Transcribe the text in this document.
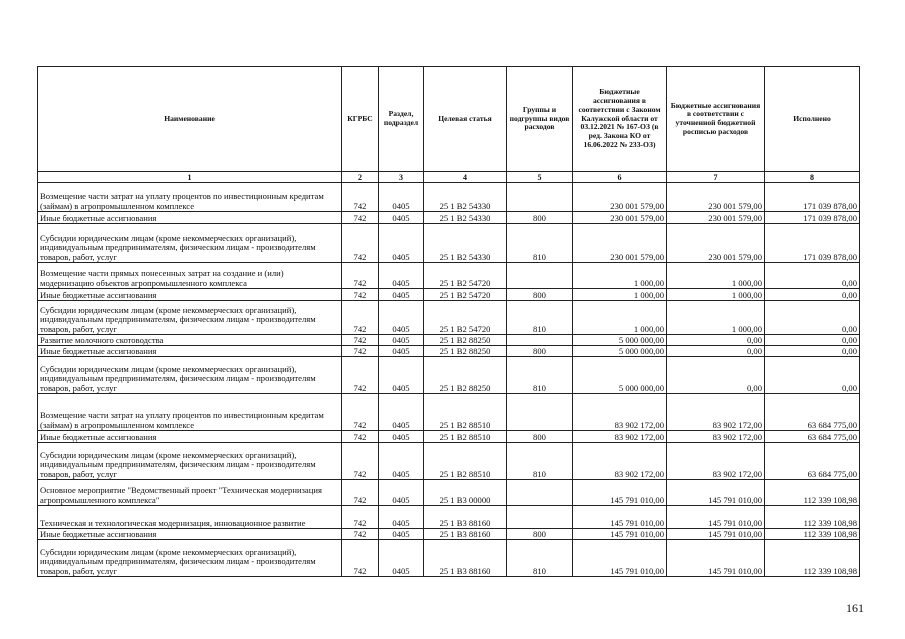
Наименование	КГРБС	Раздел, подраздел	Целевая статья	Группы и подгруппы видов расходов	Бюджетные ассигнования в соответствии с Законом Калужской области от 03.12.2021 № 167-ОЗ (в ред. Закона КО от 16.06.2022 № 233-ОЗ)	Бюджетные ассигнования в соответствии с уточненной бюджетной росписью расходов	Исполнено
1	2	3	4	5	6	7	8
Возмещение части затрат на уплату процентов по инвестиционным кредитам (займам) в агропромышленном комплексе	742	0405	25 1 В2 54330		230 001 579,00	230 001 579,00	171 039 878,00
Иные бюджетные ассигнования	742	0405	25 1 В2 54330	800	230 001 579,00	230 001 579,00	171 039 878,00
Субсидии юридическим лицам (кроме некоммерческих организаций), индивидуальным предпринимателям, физическим лицам - производителям товаров, работ, услуг	742	0405	25 1 В2 54330	810	230 001 579,00	230 001 579,00	171 039 878,00
Возмещение части прямых понесенных затрат на создание и (или) модернизацию объектов агропромышленного комплекса	742	0405	25 1 В2 54720		1 000,00	1 000,00	0,00
Иные бюджетные ассигнования	742	0405	25 1 В2 54720	800	1 000,00	1 000,00	0,00
Субсидии юридическим лицам (кроме некоммерческих организаций), индивидуальным предпринимателям, физическим лицам - производителям товаров, работ, услуг	742	0405	25 1 В2 54720	810	1 000,00	1 000,00	0,00
Развитие молочного скотоводства	742	0405	25 1 В2 88250		5 000 000,00	0,00	0,00
Иные бюджетные ассигнования	742	0405	25 1 В2 88250	800	5 000 000,00	0,00	0,00
Субсидии юридическим лицам (кроме некоммерческих организаций), индивидуальным предпринимателям, физическим лицам - производителям товаров, работ, услуг	742	0405	25 1 В2 88250	810	5 000 000,00	0,00	0,00
Возмещение части затрат на уплату процентов по инвестиционным кредитам (займам) в агропромышленном комплексе	742	0405	25 1 В2 88510		83 902 172,00	83 902 172,00	63 684 775,00
Иные бюджетные ассигнования	742	0405	25 1 В2 88510	800	83 902 172,00	83 902 172,00	63 684 775,00
Субсидии юридическим лицам (кроме некоммерческих организаций), индивидуальным предпринимателям, физическим лицам - производителям товаров, работ, услуг	742	0405	25 1 В2 88510	810	83 902 172,00	83 902 172,00	63 684 775,00
Основное мероприятие "Ведомственный проект "Техническая модернизация агропромышленного комплекса"	742	0405	25 1 В3 00000		145 791 010,00	145 791 010,00	112 339 108,98
Техническая и технологическая модернизация, инновационное развитие	742	0405	25 1 В3 88160		145 791 010,00	145 791 010,00	112 339 108,98
Иные бюджетные ассигнования	742	0405	25 1 В3 88160	800	145 791 010,00	145 791 010,00	112 339 108,98
Субсидии юридическим лицам (кроме некоммерческих организаций), индивидуальным предпринимателям, физическим лицам - производителям товаров, работ, услуг	742	0405	25 1 В3 88160	810	145 791 010,00	145 791 010,00	112 339 108,98
161
